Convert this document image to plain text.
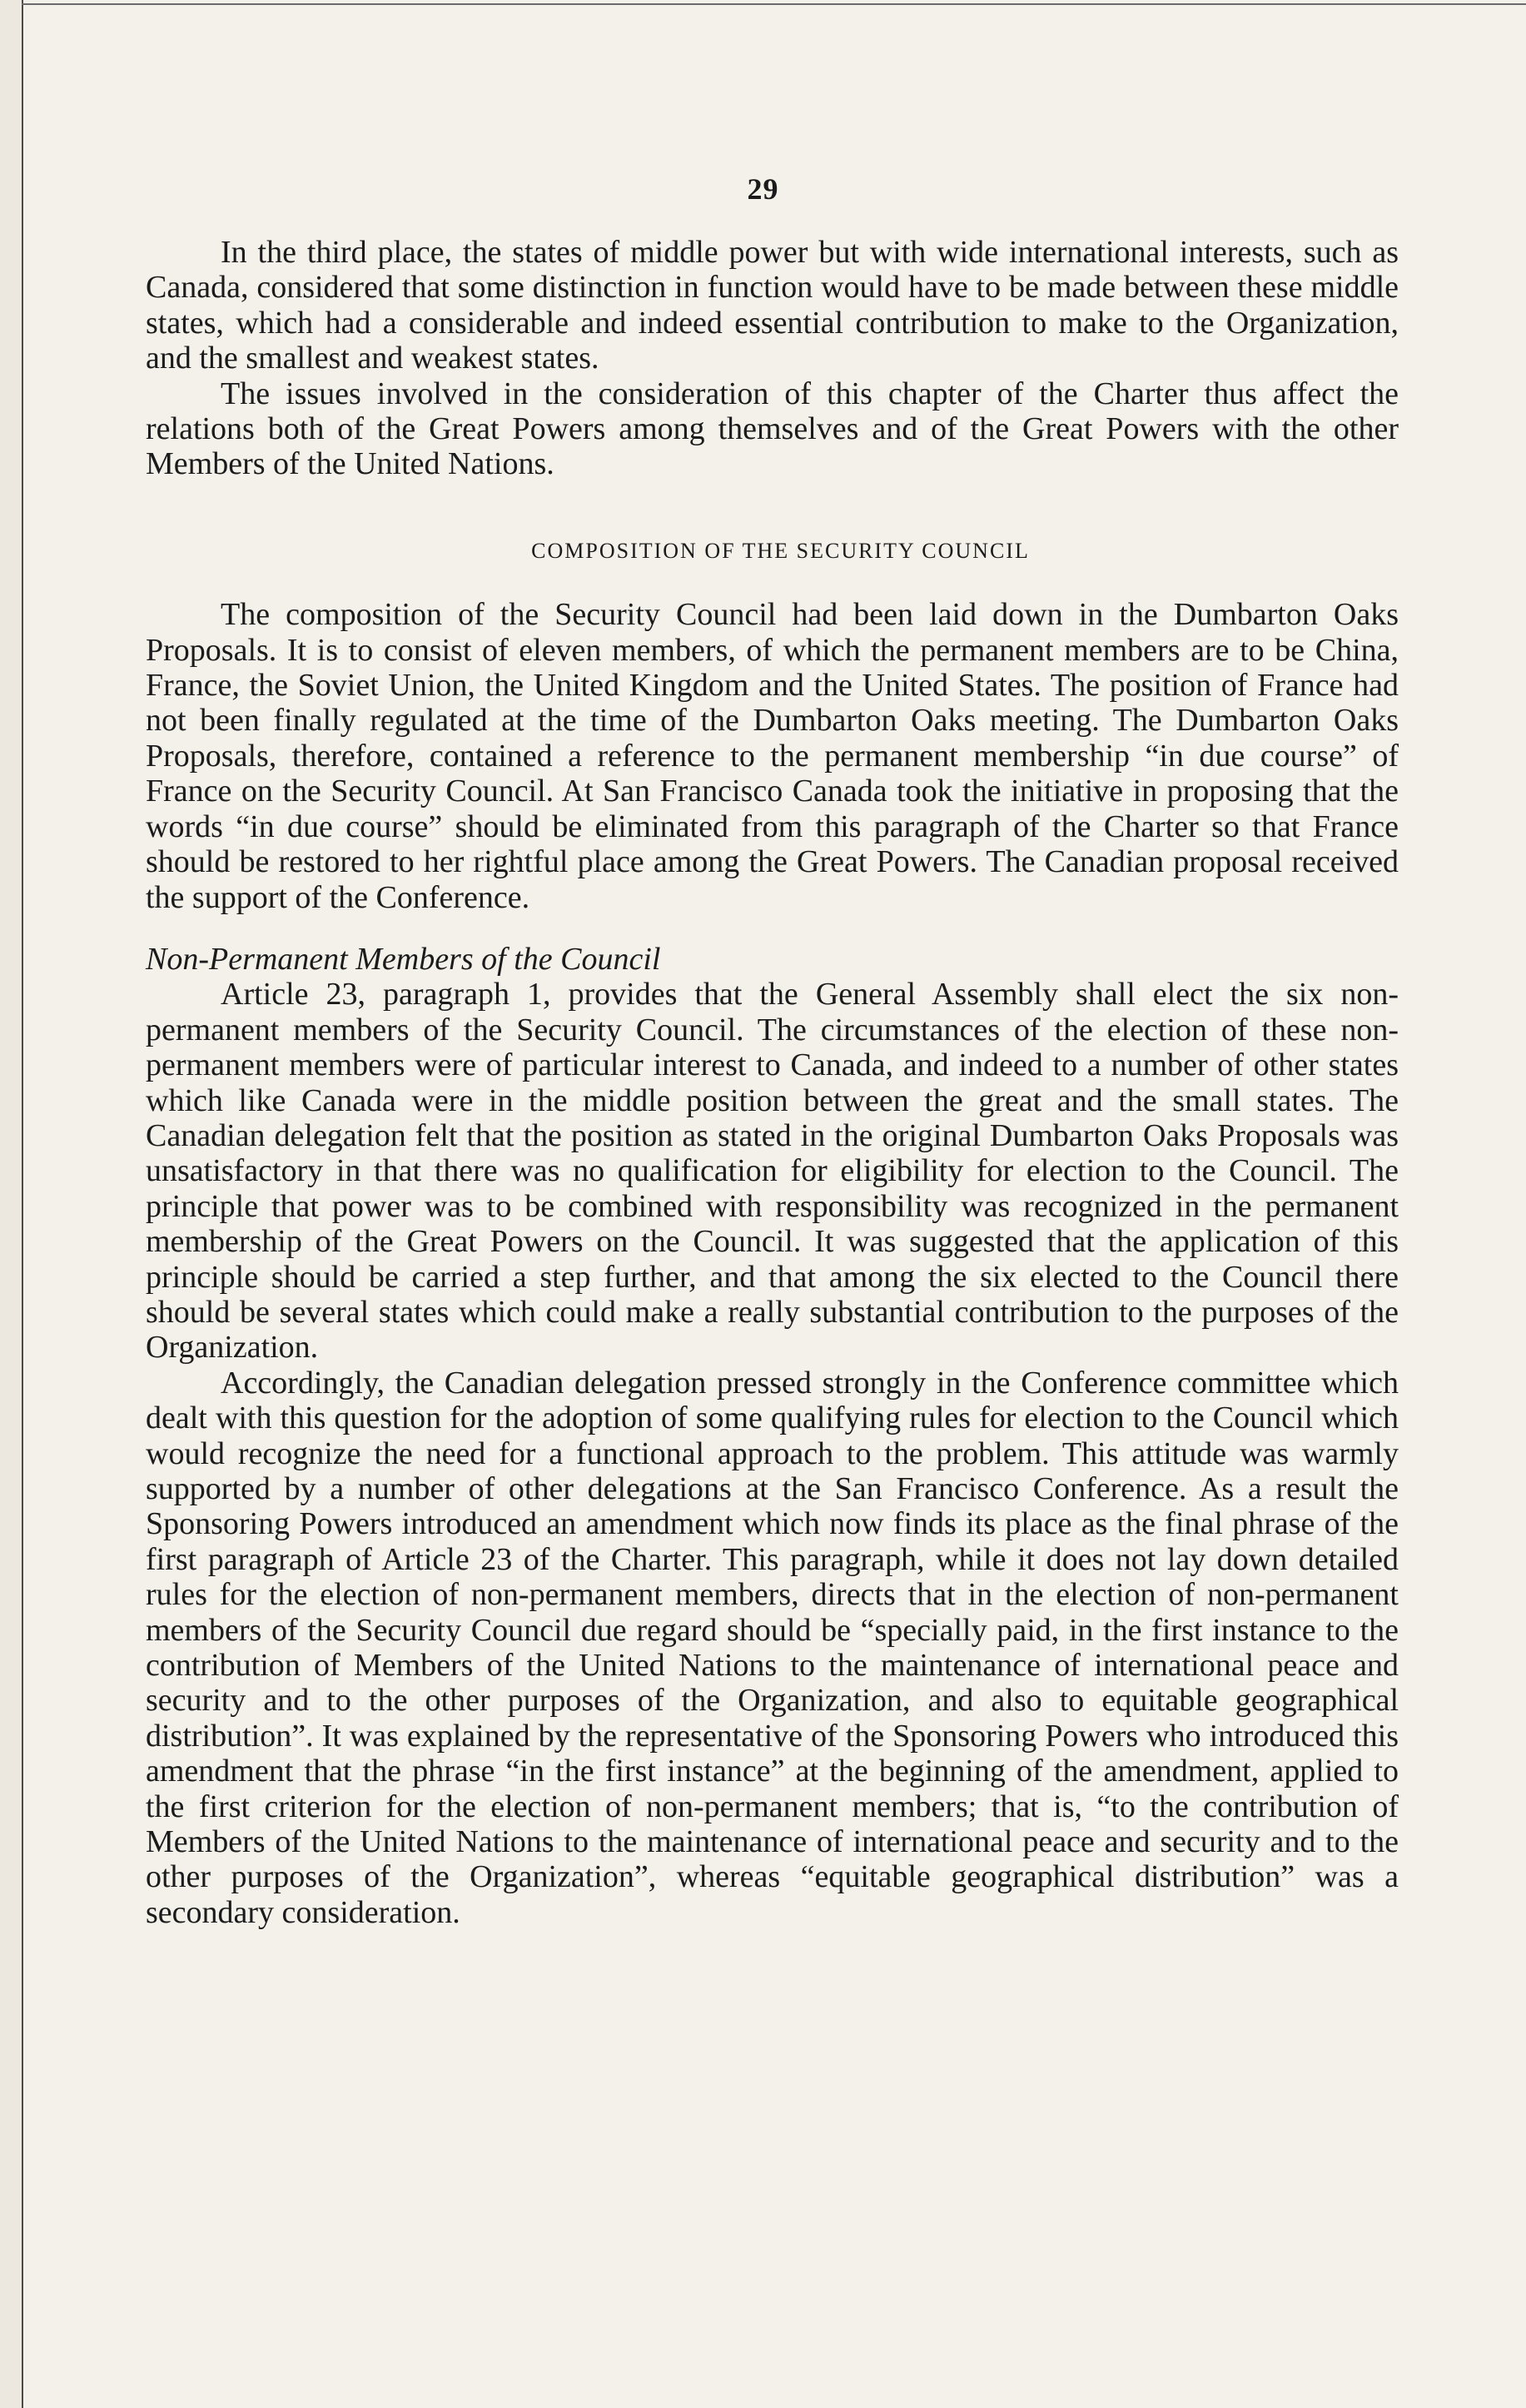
29

In the third place, the states of middle power but with wide international interests, such as Canada, considered that some distinction in function would have to be made between these middle states, which had a considerable and indeed essential contribution to make to the Organization, and the smallest and weakest states.

The issues involved in the consideration of this chapter of the Charter thus affect the relations both of the Great Powers among themselves and of the Great Powers with the other Members of the United Nations.

COMPOSITION OF THE SECURITY COUNCIL

The composition of the Security Council had been laid down in the Dumbarton Oaks Proposals. It is to consist of eleven members, of which the permanent members are to be China, France, the Soviet Union, the United Kingdom and the United States. The position of France had not been finally regulated at the time of the Dumbarton Oaks meeting. The Dumbarton Oaks Proposals, therefore, contained a reference to the permanent membership “in due course” of France on the Security Council. At San Francisco Canada took the initiative in proposing that the words “in due course” should be eliminated from this paragraph of the Charter so that France should be restored to her rightful place among the Great Powers. The Canadian proposal received the support of the Conference.

Non-Permanent Members of the Council

Article 23, paragraph 1, provides that the General Assembly shall elect the six non-permanent members of the Security Council. The circumstances of the election of these non-permanent members were of particular interest to Canada, and indeed to a number of other states which like Canada were in the middle position between the great and the small states. The Canadian delegation felt that the position as stated in the original Dumbarton Oaks Proposals was unsatisfactory in that there was no qualification for eligibility for election to the Council. The principle that power was to be combined with responsibility was recognized in the permanent membership of the Great Powers on the Council. It was suggested that the application of this principle should be carried a step further, and that among the six elected to the Council there should be several states which could make a really substantial contribution to the purposes of the Organization.

Accordingly, the Canadian delegation pressed strongly in the Conference committee which dealt with this question for the adoption of some qualifying rules for election to the Council which would recognize the need for a functional approach to the problem. This attitude was warmly supported by a number of other delegations at the San Francisco Conference. As a result the Sponsoring Powers introduced an amendment which now finds its place as the final phrase of the first paragraph of Article 23 of the Charter. This paragraph, while it does not lay down detailed rules for the election of non-permanent members, directs that in the election of non-permanent members of the Security Council due regard should be “specially paid, in the first instance to the contribution of Members of the United Nations to the maintenance of international peace and security and to the other purposes of the Organization, and also to equitable geographical distribution”. It was explained by the representative of the Sponsoring Powers who introduced this amendment that the phrase “in the first instance” at the beginning of the amendment, applied to the first criterion for the election of non-permanent members; that is, “to the contribution of Members of the United Nations to the maintenance of international peace and security and to the other purposes of the Organization”, whereas “equitable geographical distribution” was a secondary consideration.
